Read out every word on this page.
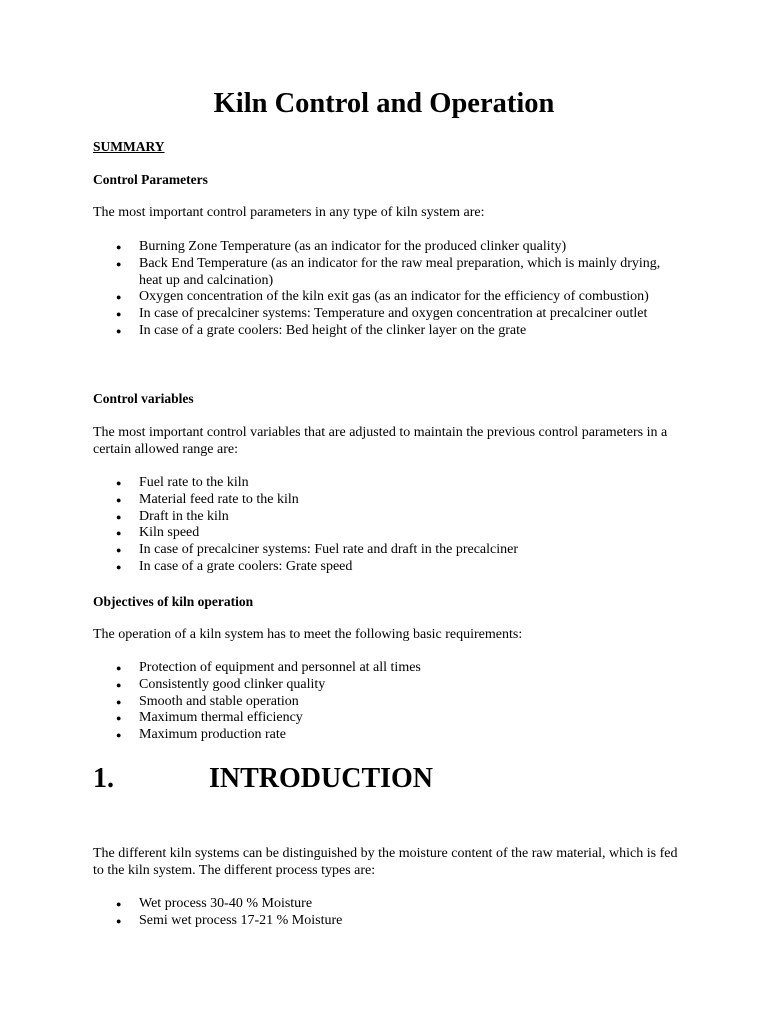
Kiln Control and Operation
SUMMARY
Control Parameters

The most important control parameters in any type of kiln system are:

● Burning Zone Temperature (as an indicator for the produced clinker quality)
● Back End Temperature (as an indicator for the raw meal preparation, which is mainly drying, heat up and calcination)
● Oxygen concentration of the kiln exit gas (as an indicator for the efficiency of combustion)
● In case of precalciner systems: Temperature and oxygen concentration at precalciner outlet
● In case of a grate coolers: Bed height of the clinker layer on the grate
Control variables

The most important control variables that are adjusted to maintain the previous control parameters in a certain allowed range are:

● Fuel rate to the kiln
● Material feed rate to the kiln
● Draft in the kiln
● Kiln speed
● In case of precalciner systems: Fuel rate and draft in the precalciner
● In case of a grate coolers: Grate speed
Objectives of kiln operation

The operation of a kiln system has to meet the following basic requirements:

● Protection of equipment and personnel at all times
● Consistently good clinker quality
● Smooth and stable operation
● Maximum thermal efficiency
● Maximum production rate
1.	INTRODUCTION

The different kiln systems can be distinguished by the moisture content of the raw material, which is fed to the kiln system. The different process types are:

● Wet process 30-40 % Moisture
● Semi wet process 17-21 % Moisture
